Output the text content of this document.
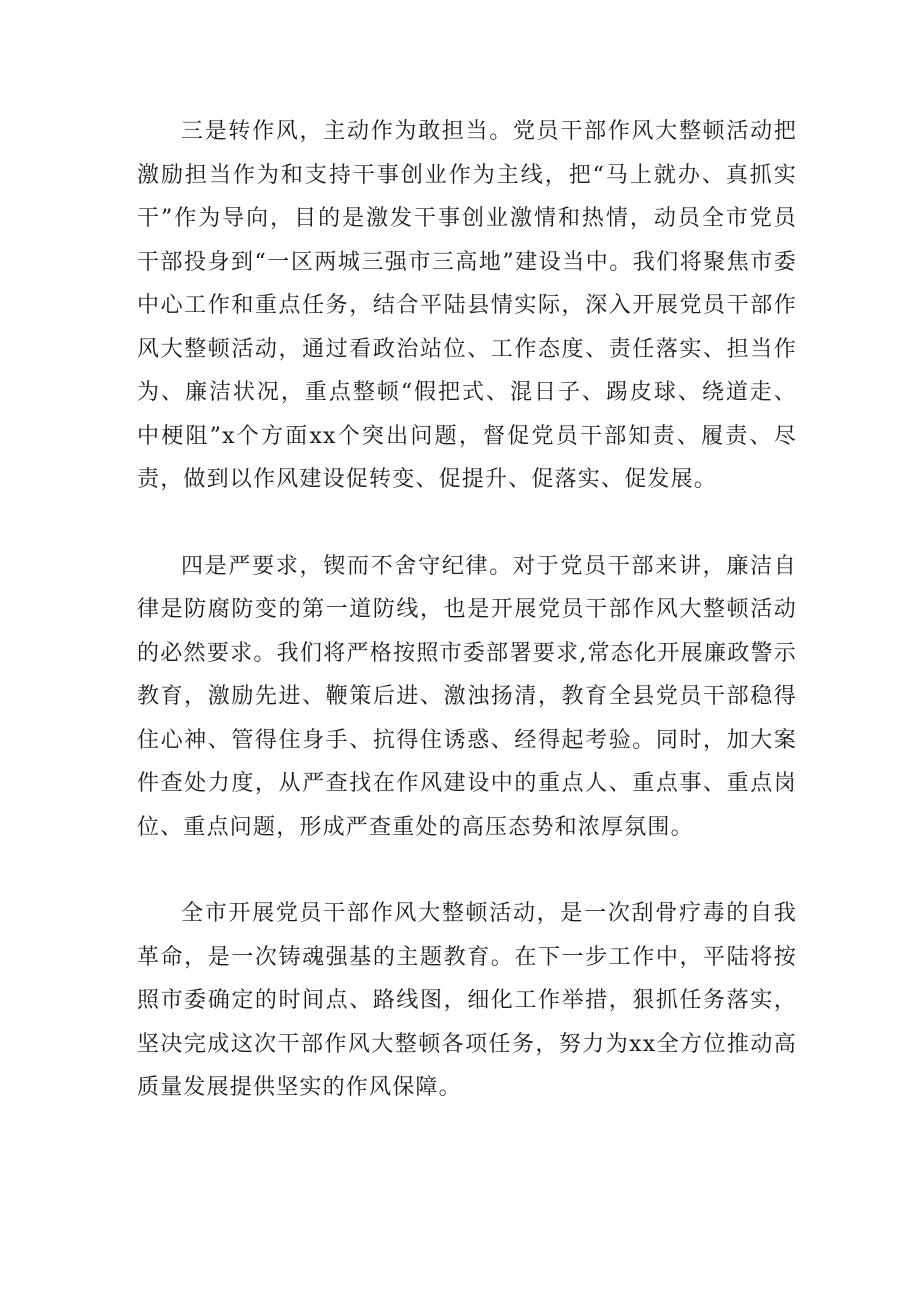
三是转作风，主动作为敢担当。党员干部作风大整顿活动把激励担当作为和支持干事创业作为主线，把“马上就办、真抓实干”作为导向，目的是激发干事创业激情和热情，动员全市党员干部投身到“一区两城三强市三高地”建设当中。我们将聚焦市委中心工作和重点任务，结合平陆县情实际，深入开展党员干部作风大整顿活动，通过看政治站位、工作态度、责任落实、担当作为、廉洁状况，重点整顿“假把式、混日子、踢皮球、绕道走、中梗阻”x个方面xx个突出问题，督促党员干部知责、履责、尽责，做到以作风建设促转变、促提升、促落实、促发展。

四是严要求，锲而不舍守纪律。对于党员干部来讲，廉洁自律是防腐防变的第一道防线，也是开展党员干部作风大整顿活动的必然要求。我们将严格按照市委部署要求,常态化开展廉政警示教育，激励先进、鞭策后进、激浊扬清，教育全县党员干部稳得住心神、管得住身手、抗得住诱惑、经得起考验。同时，加大案件查处力度，从严查找在作风建设中的重点人、重点事、重点岗位、重点问题，形成严查重处的高压态势和浓厚氛围。

全市开展党员干部作风大整顿活动，是一次刮骨疗毒的自我革命，是一次铸魂强基的主题教育。在下一步工作中，平陆将按照市委确定的时间点、路线图，细化工作举措，狠抓任务落实，坚决完成这次干部作风大整顿各项任务，努力为xx全方位推动高质量发展提供坚实的作风保障。
